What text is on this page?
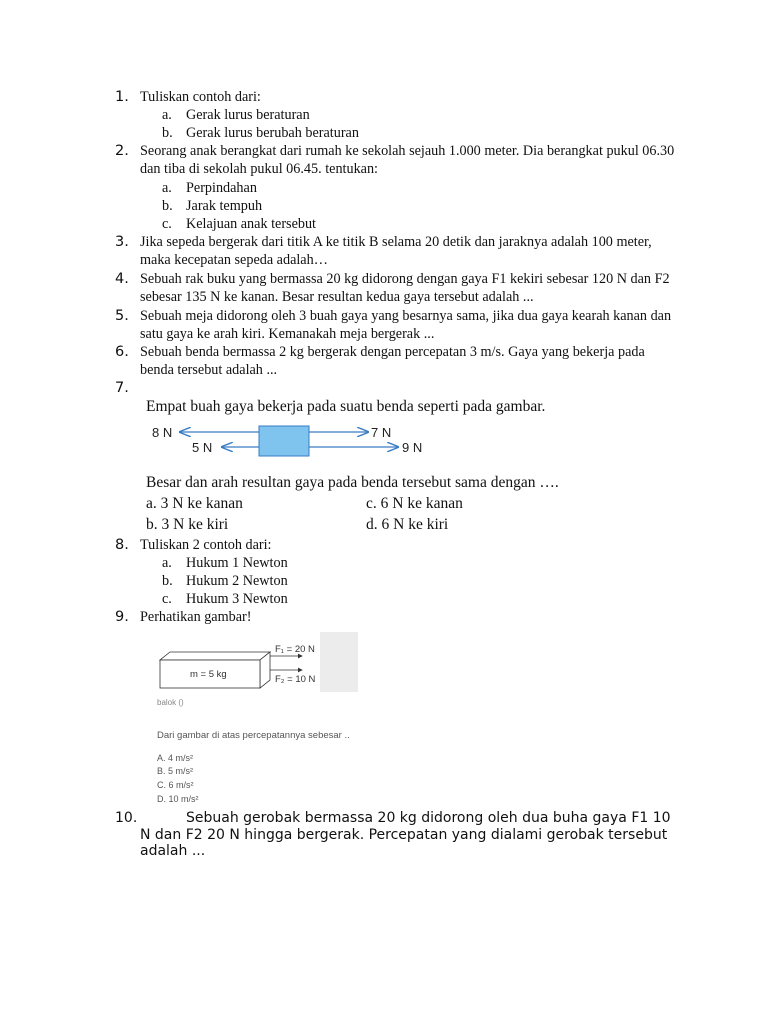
1. Tuliskan contoh dari:
a. Gerak lurus beraturan
b. Gerak lurus berubah beraturan
2. Seorang anak berangkat dari rumah ke sekolah sejauh 1.000 meter. Dia berangkat pukul 06.30 dan tiba di sekolah pukul 06.45. tentukan:
a. Perpindahan
b. Jarak tempuh
c. Kelajuan anak tersebut
3. Jika sepeda bergerak dari titik A ke titik B selama 20 detik dan jaraknya adalah 100 meter, maka kecepatan sepeda adalah…
4. Sebuah rak buku yang bermassa 20 kg didorong dengan gaya F1 kekiri sebesar 120 N dan F2 sebesar 135 N ke kanan. Besar resultan kedua gaya tersebut adalah ...
5. Sebuah meja didorong oleh 3 buah gaya yang besarnya sama, jika dua gaya kearah kanan dan satu gaya ke arah kiri. Kemanakah meja bergerak ...
6. Sebuah benda bermassa 2 kg bergerak dengan percepatan 3 m/s. Gaya yang bekerja pada benda tersebut adalah ...
7.
Empat buah gaya bekerja pada suatu benda seperti pada gambar.
8 N
5 N
7 N
9 N
Besar dan arah resultan gaya pada benda tersebut sama dengan ….
a. 3 N ke kanan	c. 6 N ke kanan
b. 3 N ke kiri	d. 6 N ke kiri
8. Tuliskan 2 contoh dari:
a. Hukum 1 Newton
b. Hukum 2 Newton
c. Hukum 3 Newton
9. Perhatikan gambar!
m = 5 kg
F₁ = 20 N
F₂ = 10 N
balok ()
Dari gambar di atas percepatannya sebesar ..
A. 4 m/s²
B. 5 m/s²
C. 6 m/s²
D. 10 m/s²
10.	Sebuah gerobak bermassa 20 kg didorong oleh dua buha gaya F1 10 N dan F2 20 N hingga bergerak. Percepatan yang dialami gerobak tersebut adalah ...
